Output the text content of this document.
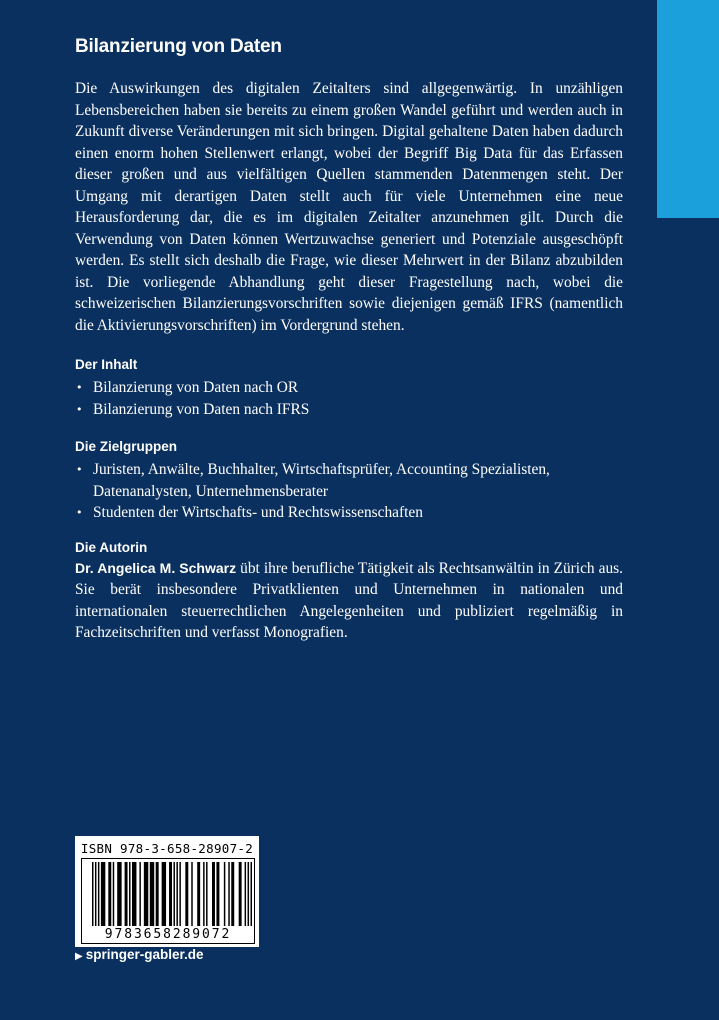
Bilanzierung von Daten

Die Auswirkungen des digitalen Zeitalters sind allgegenwärtig. In unzähligen Lebensbereichen haben sie bereits zu einem großen Wandel geführt und werden auch in Zukunft diverse Veränderungen mit sich bringen. Digital gehaltene Daten haben dadurch einen enorm hohen Stellenwert erlangt, wobei der Begriff Big Data für das Erfassen dieser großen und aus vielfältigen Quellen stammenden Datenmengen steht. Der Umgang mit derartigen Daten stellt auch für viele Unternehmen eine neue Herausforderung dar, die es im digitalen Zeitalter anzunehmen gilt. Durch die Verwendung von Daten können Wertzuwachse generiert und Potenziale ausgeschöpft werden. Es stellt sich deshalb die Frage, wie dieser Mehrwert in der Bilanz abzubilden ist. Die vorliegende Abhandlung geht dieser Fragestellung nach, wobei die schweizerischen Bilanzierungsvorschriften sowie diejenigen gemäß IFRS (namentlich die Aktivierungsvorschriften) im Vordergrund stehen.

Der Inhalt
• Bilanzierung von Daten nach OR
• Bilanzierung von Daten nach IFRS
Die Zielgruppen
• Juristen, Anwälte, Buchhalter, Wirtschaftsprüfer, Accounting Spezialisten, Datenanalysten, Unternehmensberater
• Studenten der Wirtschafts- und Rechtswissenschaften
Die Autorin

Dr. Angelica M. Schwarz übt ihre berufliche Tätigkeit als Rechtsanwältin in Zürich aus. Sie berät insbesondere Privatklienten und Unternehmen in nationalen und internationalen steuerrechtlichen Angelegenheiten und publiziert regelmäßig in Fachzeitschriften und verfasst Monografien.

ISBN 978-3-658-28907-2
9783658289072
▶ springer-gabler.de
